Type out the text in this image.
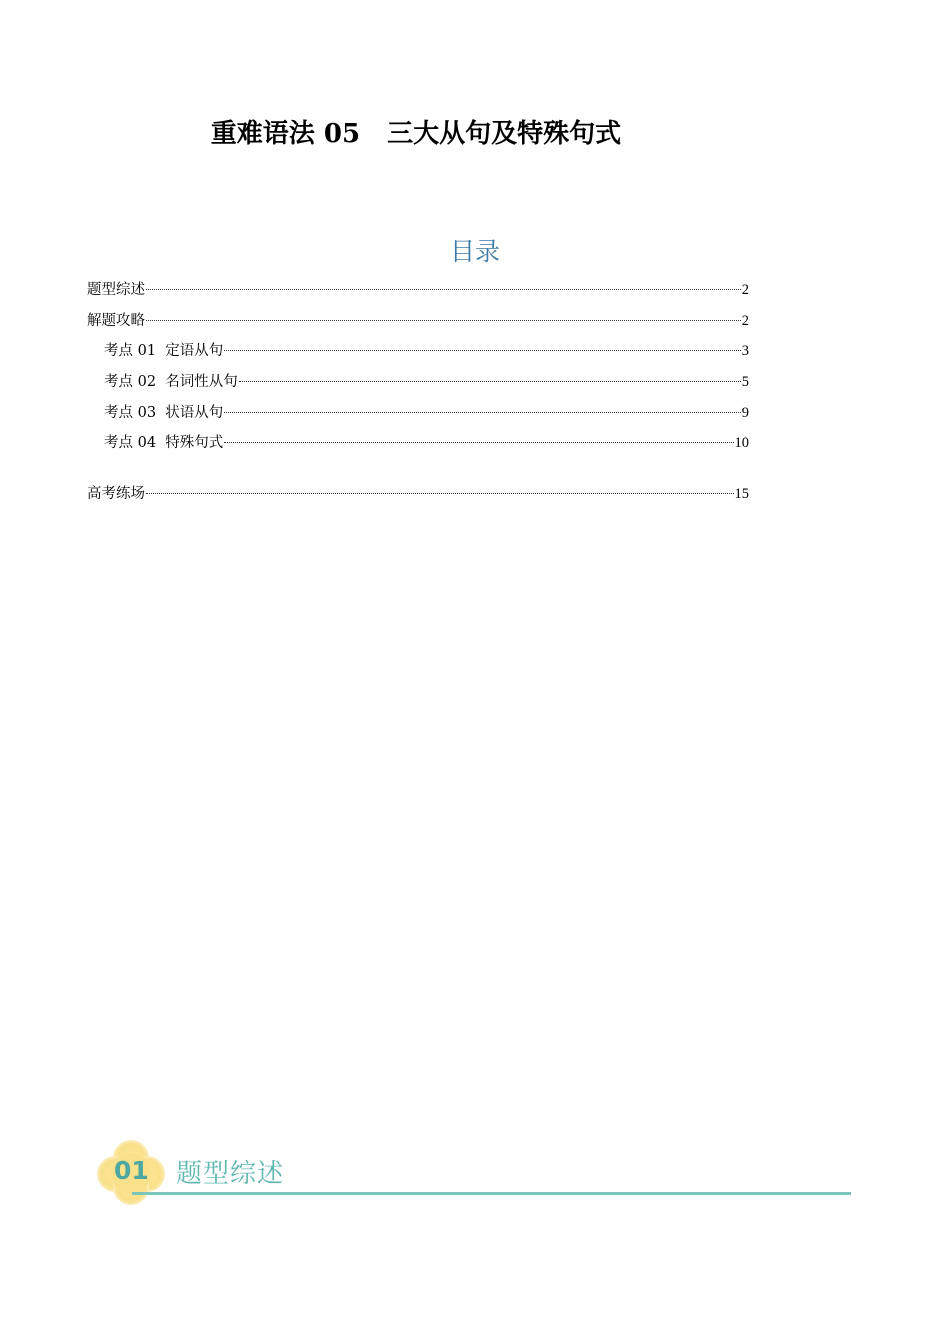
重难语法 05   三大从句及特殊句式
目录
题型综述	2
解题攻略	2
考点 01  定语从句	3
考点 02  名词性从句	5
考点 03  状语从句	9
考点 04  特殊句式	10
高考练场	15
01 题型综述
